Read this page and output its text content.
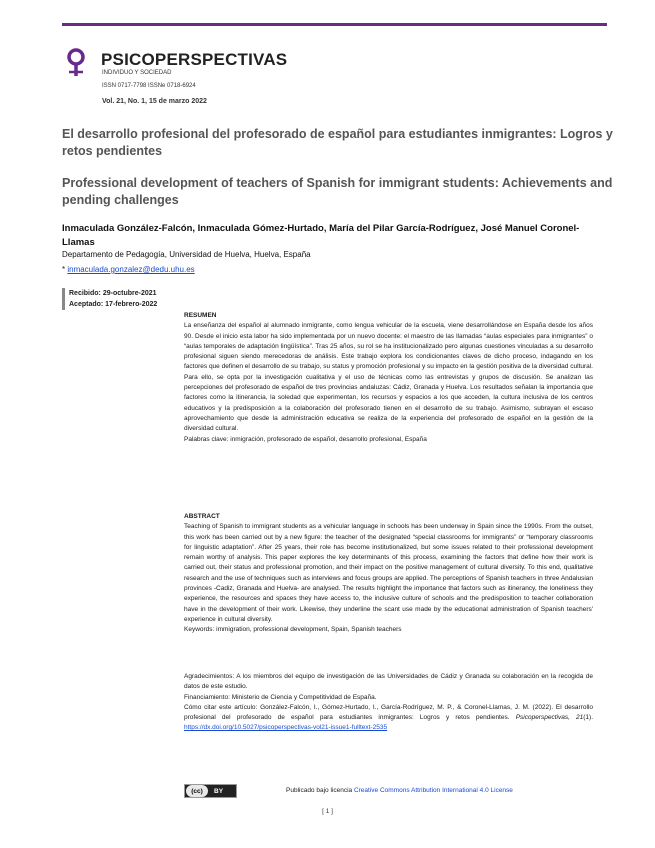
PSICOPERSPECTIVAS
INDIVIDUO Y SOCIEDAD
ISSN 0717-7798 ISSNe 0718-6924
Vol. 21, No. 1, 15 de marzo 2022
El desarrollo profesional del profesorado de español para estudiantes inmigrantes: Logros y retos pendientes
Professional development of teachers of Spanish for immigrant students: Achievements and pending challenges
Inmaculada González-Falcón, Inmaculada Gómez-Hurtado, María del Pilar García-Rodríguez, José Manuel Coronel-Llamas
Departamento de Pedagogía, Universidad de Huelva, Huelva, España
* inmaculada.gonzalez@dedu.uhu.es
Recibido: 29-octubre-2021
Aceptado: 17-febrero-2022

RESUMEN

La enseñanza del español al alumnado inmigrante, como lengua vehicular de la escuela, viene desarrollándose en España desde los años 90. Desde el inicio esta labor ha sido implementada por un nuevo docente: el maestro de las llamadas “aulas especiales para inmigrantes” o “aulas temporales de adaptación lingüística”. Tras 25 años, su rol se ha institucionalizado pero algunas cuestiones vinculadas a su desarrollo profesional siguen siendo merecedoras de análisis. Este trabajo explora los condicionantes claves de dicho proceso, indagando en los factores que definen el desarrollo de su trabajo, su status y promoción profesional y su impacto en la gestión positiva de la diversidad cultural. Para ello, se opta por la investigación cualitativa y el uso de técnicas como las entrevistas y grupos de discusión. Se analizan las percepciones del profesorado de español de tres provincias andaluzas: Cádiz, Granada y Huelva. Los resultados señalan la importancia que factores como la itinerancia, la soledad que experimentan, los recursos y espacios a los que acceden, la cultura inclusiva de los centros educativos y la predisposición a la colaboración del profesorado tienen en el desarrollo de su trabajo. Asimismo, subrayan el escaso aprovechamiento que desde la administración educativa se realiza de la experiencia del profesorado de español en la gestión de la diversidad cultural.

Palabras clave: inmigración, profesorado de español, desarrollo profesional, España

ABSTRACT

Teaching of Spanish to immigrant students as a vehicular language in schools has been underway in Spain since the 1990s. From the outset, this work has been carried out by a new figure: the teacher of the designated “special classrooms for immigrants” or “temporary classrooms for linguistic adaptation”. After 25 years, their role has become institutionalized, but some issues related to their professional development remain worthy of analysis. This paper explores the key determinants of this process, examining the factors that define how their work is carried out, their status and professional promotion, and their impact on the positive management of cultural diversity. To this end, qualitative research and the use of techniques such as interviews and focus groups are applied. The perceptions of Spanish teachers in three Andalusian provinces -Cadiz, Granada and Huelva- are analysed. The results highlight the importance that factors such as itinerancy, the loneliness they experience, the resources and spaces they have access to, the inclusive culture of schools and the predisposition to teacher collaboration have in the development of their work. Likewise, they underline the scant use made by the educational administration of Spanish teachers' experience in cultural diversity.

Keywords: immigration, professional development, Spain, Spanish teachers

Agradecimientos: A los miembros del equipo de investigación de las Universidades de Cádiz y Granada su colaboración en la recogida de datos de este estudio.

Financiamiento: Ministerio de Ciencia y Competitividad de España.

Cómo citar este artículo: González-Falcón, I., Gómez-Hurtado, I., García-Rodríguez, M. P., & Coronel-Llamas, J. M. (2022). El desarrollo profesional del profesorado de español para estudiantes inmigrantes: Logros y retos pendientes. Psicoperspectivas, 21(1). https://dx.doi.org/10.5027/psicoperspectivas-vol21-issue1-fulltext-2535

(cc)	BY	Publicado bajo licencia Creative Commons Attribution International 4.0 License
[ 1 ]
